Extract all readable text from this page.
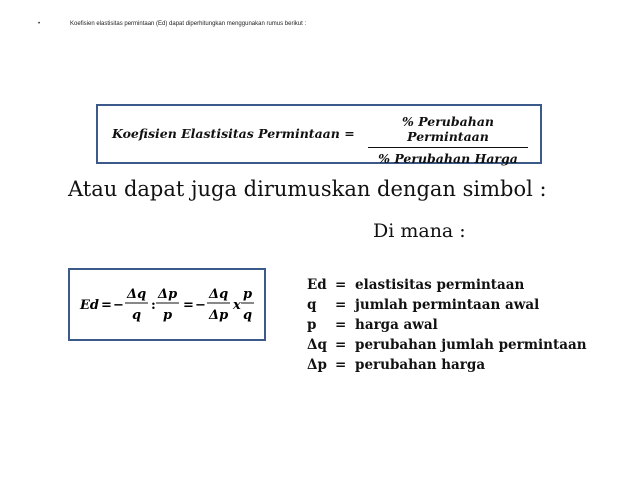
•	Koefisien elastisitas permintaan (Ed) dapat diperhitungkan menggunakan rumus berikut :
Koefisien Elastisitas Permintaan =
% Perubahan Permintaan
% Perubahan Harga
Atau dapat juga dirumuskan dengan simbol :
Di mana :
Ed = −
Δq
q
:
Δp
p
= −
Δq
Δp
x
p
q
Ed = elastisitas permintaan
q	= jumlah permintaan awal
p	= harga awal
Δq = perubahan jumlah permintaan
Δp = perubahan harga
